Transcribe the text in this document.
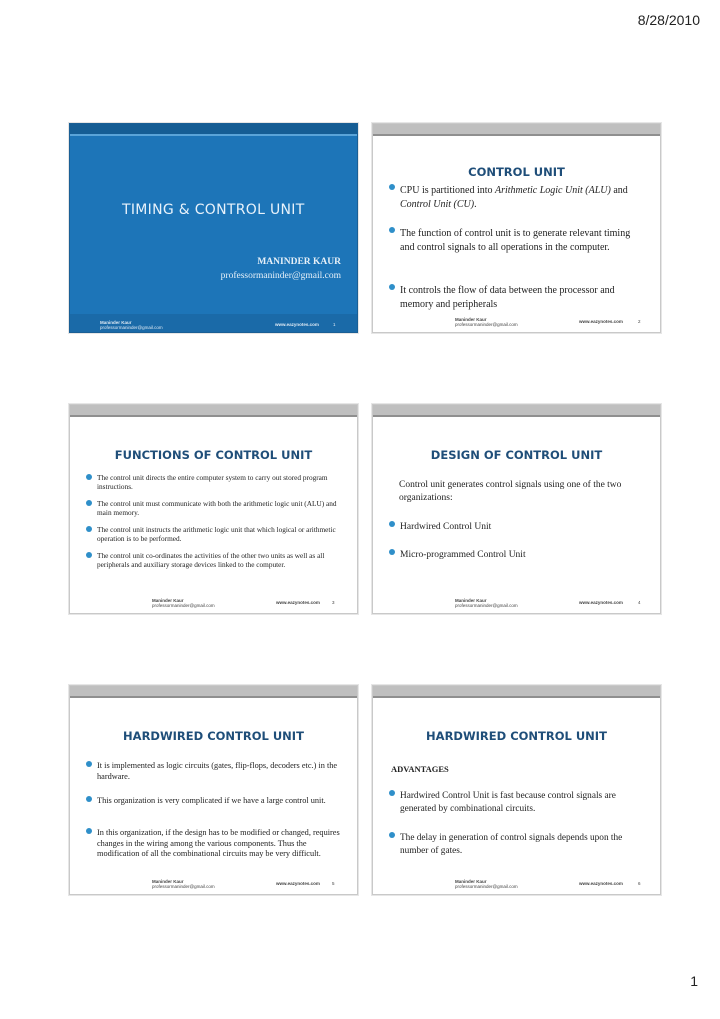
8/28/2010
TIMING & CONTROL UNIT
MANINDER KAUR
professormaninder@gmail.com
Maninder Kaur
professormaninder@gmail.com
www.eazynotes.com	1
CONTROL UNIT
CPU is partitioned into Arithmetic Logic Unit (ALU) and Control Unit (CU).
The function of control unit is to generate relevant timing and control signals to all operations in the computer.
It controls the flow of data between the processor and memory and peripherals
Maninder Kaur
professormaninder@gmail.com
www.eazynotes.com	2
FUNCTIONS OF CONTROL UNIT
The control unit directs the entire computer system to carry out stored program instructions.
The control unit must communicate with both the arithmetic logic unit (ALU) and main memory.
The control unit instructs the arithmetic logic unit that which logical or arithmetic operation is to be performed.
The control unit co-ordinates the activities of the other two units as well as all peripherals and auxiliary storage devices linked to the computer.
Maninder Kaur
professormaninder@gmail.com
www.eazynotes.com	3
DESIGN OF CONTROL UNIT
Control unit generates control signals using one of the two organizations:
Hardwired Control Unit
Micro-programmed Control Unit
Maninder Kaur
professormaninder@gmail.com
www.eazynotes.com	4
HARDWIRED CONTROL UNIT
It is implemented as logic circuits (gates, flip-flops, decoders etc.) in the hardware.
This organization is very complicated if we have a large control unit.
In this organization, if the design has to be modified or changed, requires changes in the wiring among the various components. Thus the modification of all the combinational circuits may be very difficult.
Maninder Kaur
professormaninder@gmail.com
www.eazynotes.com	5
HARDWIRED CONTROL UNIT
ADVANTAGES
Hardwired Control Unit is fast because control signals are generated by combinational circuits.
The delay in generation of control signals depends upon the number of gates.
Maninder Kaur
professormaninder@gmail.com
www.eazynotes.com	6
1
